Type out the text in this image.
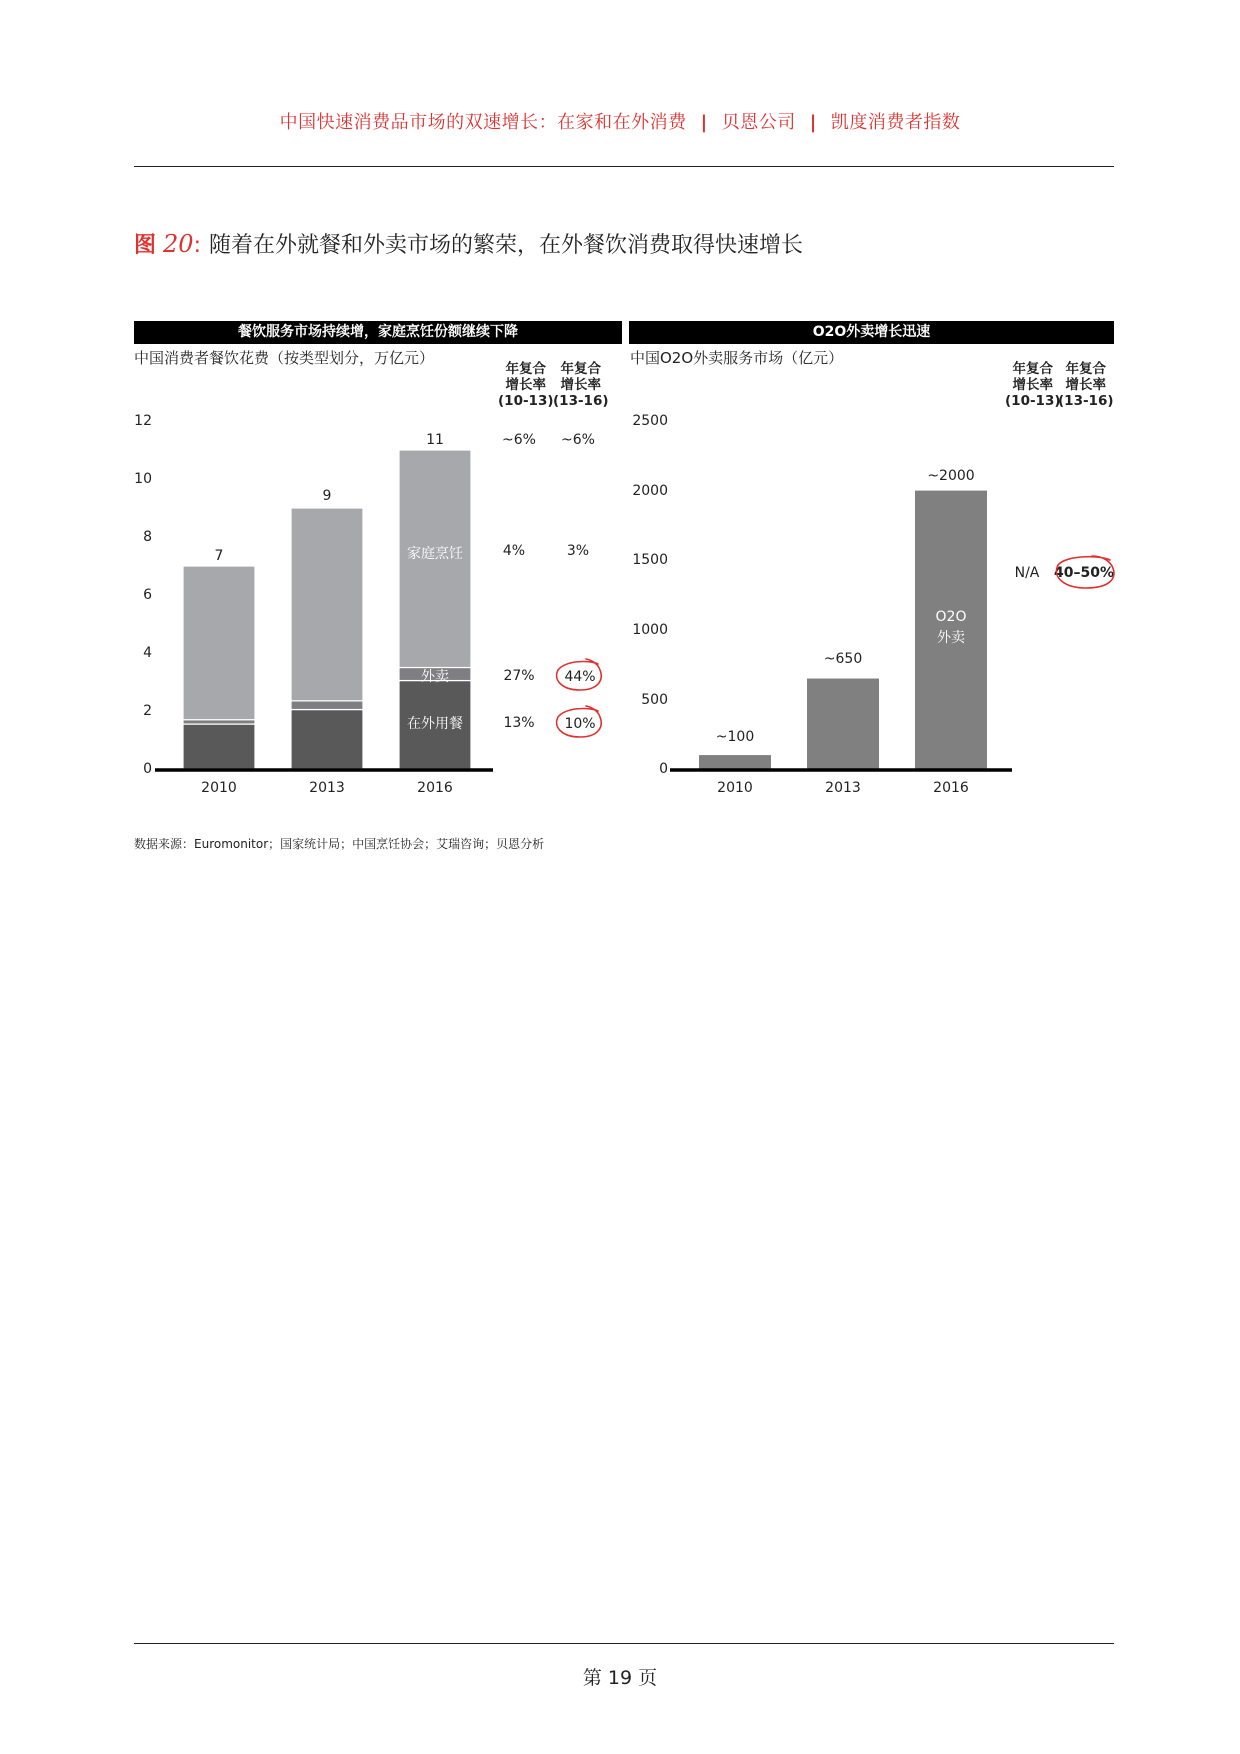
中国快速消费品市场的双速增长：在家和在外消费 | 贝恩公司 | 凯度消费者指数
图 20: 随着在外就餐和外卖市场的繁荣，在外餐饮消费取得快速增长
餐饮服务市场持续增，家庭烹饪份额继续下降
中国消费者餐饮花费（按类型划分，万亿元）
年复合
增长率
(10-13)
年复合
增长率
(13-16)
0
2
4
6
8
10
12
7
9
11
家庭烹饪
外卖
在外用餐
2010	2013	2016
~6% ~6%
4%	3%
27% 44%
13% 10%
O2O外卖增长迅速
中国O2O外卖服务市场（亿元）
年复合
增长率
(10-13)
年复合
增长率
(13-16)
0
500
1000
1500
2000
2500
~100
~650
~2000
O2O
外卖
2010	2013	2016
N/A 40–50%
数据来源：Euromonitor；国家统计局；中国烹饪协会；艾瑞咨询；贝恩分析
第 19 页
